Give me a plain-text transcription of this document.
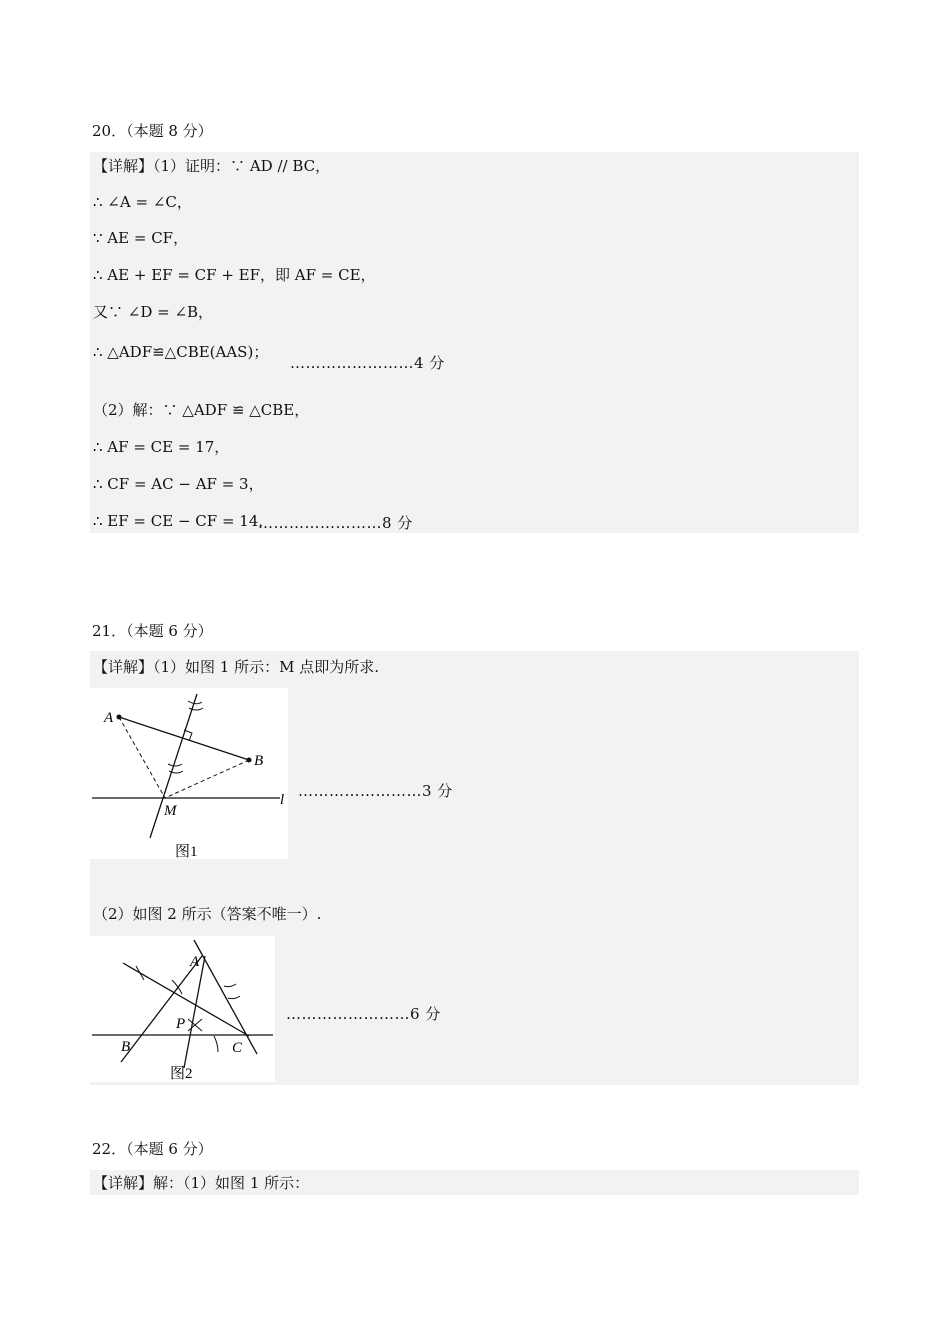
20．（本题 8 分）
【详解】（1）证明：∵ AD // BC，
∴ ∠A = ∠C，
∵ AE = CF，
∴ AE + EF = CF + EF，即 AF = CE，
又∵ ∠D = ∠B，
∴ △ADF≌△CBE(AAS)；
……………………4 分
（2）解：∵ △ADF ≌ △CBE，
∴ AF = CE = 17，
∴ CF = AC − AF = 3，
∴ EF = CE − CF = 14．
……………………8 分
21．（本题 6 分）
【详解】（1）如图 1 所示：M 点即为所求.
A
B
M
l
图1
……………………3 分
（2）如图 2 所示（答案不唯一）.
A
P
B	C
图2
……………………6 分
22．（本题 6 分）
【详解】解：（1）如图 1 所示：
